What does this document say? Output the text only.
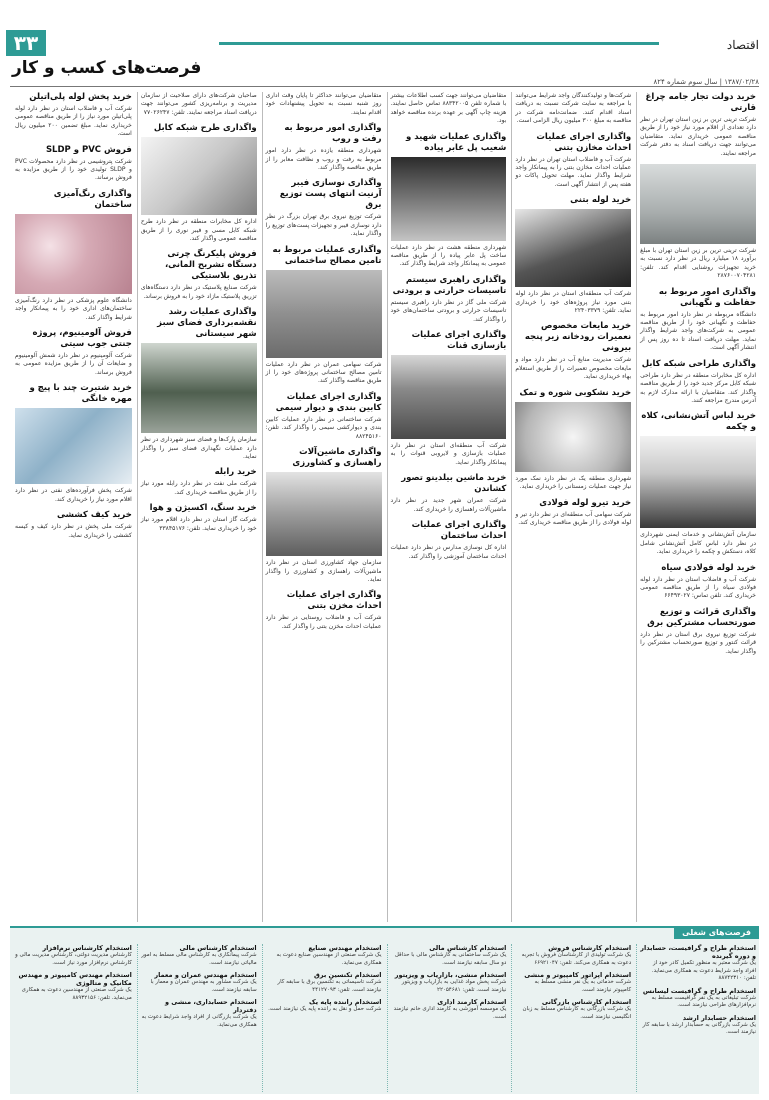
۳۳
فرصت‌های کسب و کار
اقتصاد
۱۳۸۷/۰۲/۲۸ | سال سوم شماره ۸۲۴
خرید دولت تجار جامه چراغ قارتی
شرکت ترینی ترین بر زین استان تهران در نظر دارد تعدادی از اقلام مورد نیاز خود را از طریق مناقصه عمومی خریداری نماید. متقاضیان می‌توانند جهت دریافت اسناد به دفتر شرکت مراجعه نمایند.
شرکت ترینی ترین بر زین استان تهران با مبلغ برآورد ۱۸ میلیارد ریال در نظر دارد نسبت به خرید تجهیزات روشنایی اقدام کند. تلفن: ۲۸۷۶۰۰۷۰۴۲۸۱
واگذاری امور مربوط به حفاظت و نگهبانی
دانشگاه مربوطه در نظر دارد امور مربوط به حفاظت و نگهبانی خود را از طریق مناقصه عمومی به شرکت‌های واجد شرایط واگذار نماید. مهلت دریافت اسناد تا ده روز پس از انتشار آگهی است.
واگذاری طراحی شبکه کابل
اداره کل مخابرات منطقه در نظر دارد طراحی شبکه کابل مرکز جدید خود را از طریق مناقصه واگذار کند. متقاضیان با ارائه مدارک لازم به آدرس مندرج مراجعه کنند.
خرید لباس آتش‌نشانی، کلاه و چکمه
سازمان آتش‌نشانی و خدمات ایمنی شهرداری در نظر دارد لباس کامل آتش‌نشانی شامل کلاه، دستکش و چکمه را خریداری نماید.
خرید لوله فولادی سیاه
شرکت آب و فاضلاب استان در نظر دارد لوله فولادی سیاه را از طریق مناقصه عمومی خریداری کند. تلفن تماس: ۶۶۴۹۳۰۲۷
واگذاری قرائت و توزیع صورتحساب مشترکین برق
شرکت توزیع نیروی برق استان در نظر دارد قرائت کنتور و توزیع صورتحساب مشترکین را واگذار نماید.
شرکت‌ها و تولیدکنندگان واجد شرایط می‌توانند با مراجعه به سایت شرکت نسبت به دریافت اسناد اقدام کنند. ضمانت‌نامه شرکت در مناقصه به مبلغ ۳۰۰ میلیون ریال الزامی است.
واگذاری اجرای عملیات احداث مخازن بتنی
شرکت آب و فاضلاب استان تهران در نظر دارد عملیات احداث مخازن بتنی را به پیمانکار واجد شرایط واگذار نماید. مهلت تحویل پاکات دو هفته پس از انتشار آگهی است.
خرید لوله بتنی
شرکت آب منطقه‌ای استان در نظر دارد لوله بتنی مورد نیاز پروژه‌های خود را خریداری نماید. تلفن: ۲۲۴۰۳۳۷۹
خرید مایعات مخصوص نعمیرات رودخانه زیر پنجه بیرونی
شرکت مدیریت منابع آب در نظر دارد مواد و مایعات مخصوص تعمیرات را از طریق استعلام بهاء خریداری نماید.
خرید نشکوبی شوره و تمک
شهرداری منطقه یک در نظر دارد نمک مورد نیاز جهت عملیات زمستانی را خریداری نماید.
خرید تیرو لوله فولادی
شرکت سهامی آب منطقه‌ای در نظر دارد تیر و لوله فولادی را از طریق مناقصه خریداری کند.
متقاضیان می‌توانند جهت کسب اطلاعات بیشتر با شماره تلفن ۸۸۳۴۲۰۰۵ تماس حاصل نمایند. هزینه چاپ آگهی بر عهده برنده مناقصه خواهد بود.
واگذاری عملیات شهید و شعیب پل عابر پیاده
شهرداری منطقه هشت در نظر دارد عملیات ساخت پل عابر پیاده را از طریق مناقصه عمومی به پیمانکار واجد شرایط واگذار کند.
واگذاری راهبری سیستم تاسیسات حرارتی و برودتی
شرکت ملی گاز در نظر دارد راهبری سیستم تاسیسات حرارتی و برودتی ساختمان‌های خود را واگذار کند.
واگذاری اجرای عملیات بازسازی قنات
شرکت آب منطقه‌ای استان در نظر دارد عملیات بازسازی و لایروبی قنوات را به پیمانکار واگذار نماید.
خرید ماشین بیلدینو تصور کشاندن
شرکت عمران شهر جدید در نظر دارد ماشین‌آلات راهسازی را خریداری کند.
واگذاری اجرای عملیات احداث ساختمان
اداره کل نوسازی مدارس در نظر دارد عملیات احداث ساختمان آموزشی را واگذار کند.
متقاضیان می‌توانند حداکثر تا پایان وقت اداری روز شنبه نسبت به تحویل پیشنهادات خود اقدام نمایند.
واگذاری امور مربوط به رفت و روب
شهرداری منطقه یازده در نظر دارد امور مربوط به رفت و روب و نظافت معابر را از طریق مناقصه واگذار کند.
واگذاری نوسازی فیبر آرنیت انتهای پست توزیع برق
شرکت توزیع نیروی برق تهران بزرگ در نظر دارد نوسازی فیبر و تجهیزات پست‌های توزیع را واگذار نماید.
واگذاری عملیات مربوط به تامین مصالح ساختمانی
شرکت سهامی عمران در نظر دارد عملیات تامین مصالح ساختمانی پروژه‌های خود را از طریق مناقصه واگذار کند.
واگذاری اجرای عملیات کابین بندی و دیوار سیمی
شرکت ساختمانی در نظر دارد عملیات کابین بندی و دیوارکشی سیمی را واگذار کند. تلفن: ۸۸۲۴۵۱۶۰
واگذاری ماشین‌آلات راهسازی و کشاورزی
سازمان جهاد کشاورزی استان در نظر دارد ماشین‌آلات راهسازی و کشاورزی را واگذار نماید.
واگذاری اجرای عملیات احداث مخزن بتنی
شرکت آب و فاضلاب روستایی در نظر دارد عملیات احداث مخزن بتنی را واگذار کند.
صاحبان شرکت‌های دارای صلاحیت از سازمان مدیریت و برنامه‌ریزی کشور می‌توانند جهت دریافت اسناد مراجعه نمایند. تلفن: ۷۷۰۲۶۲۴۷
واگذاری طرح شبکه کابل
اداره کل مخابرات منطقه در نظر دارد طرح شبکه کابل مسی و فیبر نوری را از طریق مناقصه عمومی واگذار کند.
فروش پلیکرنگ چرتی دستگاه تشریح المانی، تذریق بلاستیکی
شرکت صنایع پلاستیک در نظر دارد دستگاه‌های تزریق پلاستیک مازاد خود را به فروش برساند.
واگذاری عملیات رشد نقشه‌برداری فضای سبز شهر سیستانی
سازمان پارک‌ها و فضای سبز شهرداری در نظر دارد عملیات نگهداری فضای سبز را واگذار نماید.
خرید رابله
شرکت ملی نفت در نظر دارد رابله مورد نیاز را از طریق مناقصه خریداری کند.
خرید سنگ، اکسیژن و هوا
شرکت گاز استان در نظر دارد اقلام مورد نیاز خود را خریداری نماید. تلفن: ۳۳۸۴۵۱۷۶
خرید پخش لوله پلی‌اتیلن
شرکت آب و فاضلاب استان در نظر دارد لوله پلی‌اتیلن مورد نیاز را از طریق مناقصه عمومی خریداری نماید. مبلغ تضمین ۲۰۰ میلیون ریال است.
فروش PVC و SLDP
شرکت پتروشیمی در نظر دارد محصولات PVC و SLDP تولیدی خود را از طریق مزایده به فروش برساند.
واگذاری رنگ‌آمیزی ساختمان
دانشگاه علوم پزشکی در نظر دارد رنگ‌آمیزی ساختمان‌های اداری خود را به پیمانکار واجد شرایط واگذار کند.
فروش آلومینیوم، پروژه جنتی جوب سیتی
شرکت آلومینیوم در نظر دارد شمش آلومینیوم و ضایعات آن را از طریق مزایده عمومی به فروش برساند.
خرید شتبرت چند با پیچ و مهره خانگی
شرکت پخش فرآورده‌های نفتی در نظر دارد اقلام مورد نیاز را خریداری کند.
خرید کیف کششی
شرکت ملی پخش در نظر دارد کیف و کیسه کششی را خریداری نماید.
فرصت‌های شغلی
استخدام طراح و گرافیست، حسابدار و دوره گیرنده
یک شرکت معتبر به منظور تکمیل کادر خود از افراد واجد شرایط دعوت به همکاری می‌نماید. تلفن: ۸۸۷۴۲۳۱۰
استخدام طراح و گرافیست لیسانس
شرکت تبلیغاتی به یک نفر گرافیست مسلط به نرم‌افزارهای طراحی نیازمند است.
استخدام حسابدار ارشد
یک شرکت بازرگانی به حسابدار ارشد با سابقه کار نیازمند است.
استخدام کارشناس فروش
یک شرکت تولیدی از کارشناسان فروش با تجربه دعوت به همکاری می‌کند. تلفن: ۶۶۹۲۱۰۴۷
استخدام اپراتور کامپیوتر و منشی
شرکت خدماتی به یک نفر منشی مسلط به کامپیوتر نیازمند است.
استخدام کارشناس بازرگانی
یک شرکت بازرگانی به کارشناس مسلط به زبان انگلیسی نیازمند است.
استخدام کارشناس مالی
یک شرکت ساختمانی به کارشناس مالی با حداقل دو سال سابقه نیازمند است.
استخدام منشی، بازاریاب و ویزیتور
شرکت پخش مواد غذایی به بازاریاب و ویزیتور نیازمند است. تلفن: ۲۲۰۵۴۶۸۱
استخدام کارمند اداری
یک موسسه آموزشی به کارمند اداری خانم نیازمند است.
استخدام مهندس صنایع
یک شرکت صنعتی از مهندسین صنایع دعوت به همکاری می‌نماید.
استخدام تکنسین برق
شرکت تاسیساتی به تکنسین برق با سابقه کار نیازمند است. تلفن: ۴۴۱۲۷۰۹۳
استخدام راننده پایه یک
شرکت حمل و نقل به راننده پایه یک نیازمند است.
استخدام کارشناس مالی
شرکت پیمانکاری به کارشناس مالی مسلط به امور مالیاتی نیازمند است.
استخدام مهندس عمران و معمار
یک شرکت مشاور به مهندس عمران و معمار با سابقه نیازمند است.
استخدام حسابداری، منشی و دفتردار
یک شرکت بازرگانی از افراد واجد شرایط دعوت به همکاری می‌نماید.
استخدام کارشناس نرم‌افزار
کارشناس مدیریت دولتی، کارشناس مدیریت مالی و کارشناس نرم‌افزار مورد نیاز است.
استخدام مهندس کامپیوتر و مهندس مکانیک و متالوژی
یک شرکت صنعتی از مهندسین دعوت به همکاری می‌نماید. تلفن: ۸۸۹۳۲۱۵۶
